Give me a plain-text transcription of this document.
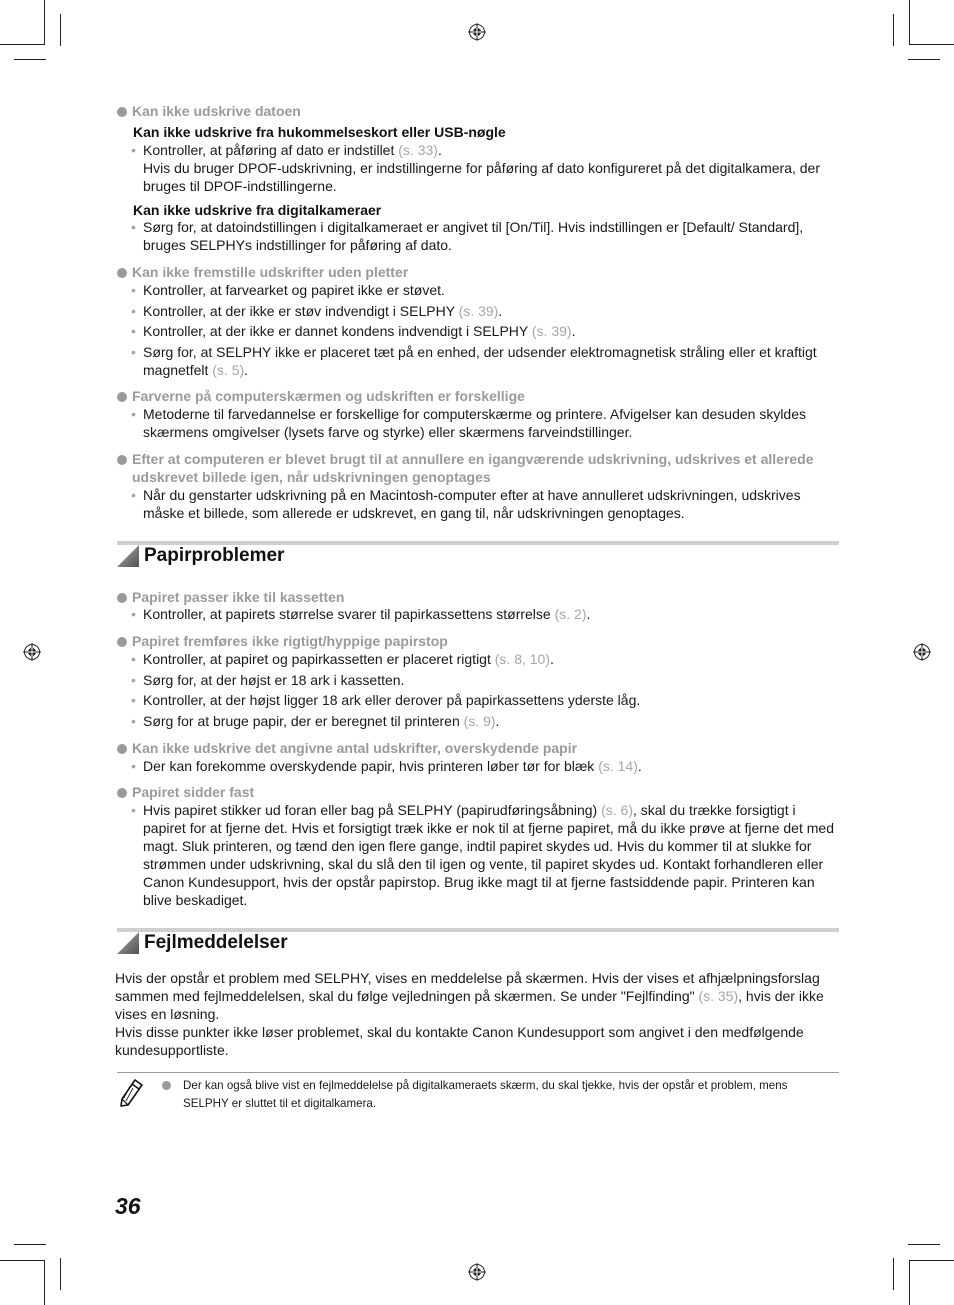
Kan ikke udskrive datoen
Kan ikke udskrive fra hukommelseskort eller USB-nøgle
• Kontroller, at påføring af dato er indstillet (s. 33).
Hvis du bruger DPOF-udskrivning, er indstillingerne for påføring af dato konfigureret på det digitalkamera, der bruges til DPOF-indstillingerne.
Kan ikke udskrive fra digitalkameraer
• Sørg for, at datoindstillingen i digitalkameraet er angivet til [On/Til]. Hvis indstillingen er [Default/ Standard], bruges SELPHYs indstillinger for påføring af dato.
Kan ikke fremstille udskrifter uden pletter
• Kontroller, at farvearket og papiret ikke er støvet.
• Kontroller, at der ikke er støv indvendigt i SELPHY (s. 39).
• Kontroller, at der ikke er dannet kondens indvendigt i SELPHY (s. 39).
• Sørg for, at SELPHY ikke er placeret tæt på en enhed, der udsender elektromagnetisk stråling eller et kraftigt magnetfelt (s. 5).
Farverne på computerskærmen og udskriften er forskellige
• Metoderne til farvedannelse er forskellige for computerskærme og printere. Afvigelser kan desuden skyldes skærmens omgivelser (lysets farve og styrke) eller skærmens farveindstillinger.
Efter at computeren er blevet brugt til at annullere en igangværende udskrivning, udskrives et allerede udskrevet billede igen, når udskrivningen genoptages
• Når du genstarter udskrivning på en Macintosh-computer efter at have annulleret udskrivningen, udskrives måske et billede, som allerede er udskrevet, en gang til, når udskrivningen genoptages.
Papirproblemer
Papiret passer ikke til kassetten
• Kontroller, at papirets størrelse svarer til papirkassettens størrelse (s. 2).
Papiret fremføres ikke rigtigt/hyppige papirstop
• Kontroller, at papiret og papirkassetten er placeret rigtigt (s. 8, 10).
• Sørg for, at der højst er 18 ark i kassetten.
• Kontroller, at der højst ligger 18 ark eller derover på papirkassettens yderste låg.
• Sørg for at bruge papir, der er beregnet til printeren (s. 9).
Kan ikke udskrive det angivne antal udskrifter, overskydende papir
• Der kan forekomme overskydende papir, hvis printeren løber tør for blæk (s. 14).
Papiret sidder fast
• Hvis papiret stikker ud foran eller bag på SELPHY (papirudføringsåbning) (s. 6), skal du trække forsigtigt i papiret for at fjerne det. Hvis et forsigtigt træk ikke er nok til at fjerne papiret, må du ikke prøve at fjerne det med magt. Sluk printeren, og tænd den igen flere gange, indtil papiret skydes ud. Hvis du kommer til at slukke for strømmen under udskrivning, skal du slå den til igen og vente, til papiret skydes ud. Kontakt forhandleren eller Canon Kundesupport, hvis der opstår papirstop. Brug ikke magt til at fjerne fastsiddende papir. Printeren kan blive beskadiget.
Fejlmeddelelser
Hvis der opstår et problem med SELPHY, vises en meddelelse på skærmen. Hvis der vises et afhjælpningsforslag sammen med fejlmeddelelsen, skal du følge vejledningen på skærmen. Se under "Fejlfinding" (s. 35), hvis der ikke vises en løsning.
Hvis disse punkter ikke løser problemet, skal du kontakte Canon Kundesupport som angivet i den medfølgende kundesupportliste.
Der kan også blive vist en fejlmeddelelse på digitalkameraets skærm, du skal tjekke, hvis der opstår et problem, mens SELPHY er sluttet til et digitalkamera.
36
